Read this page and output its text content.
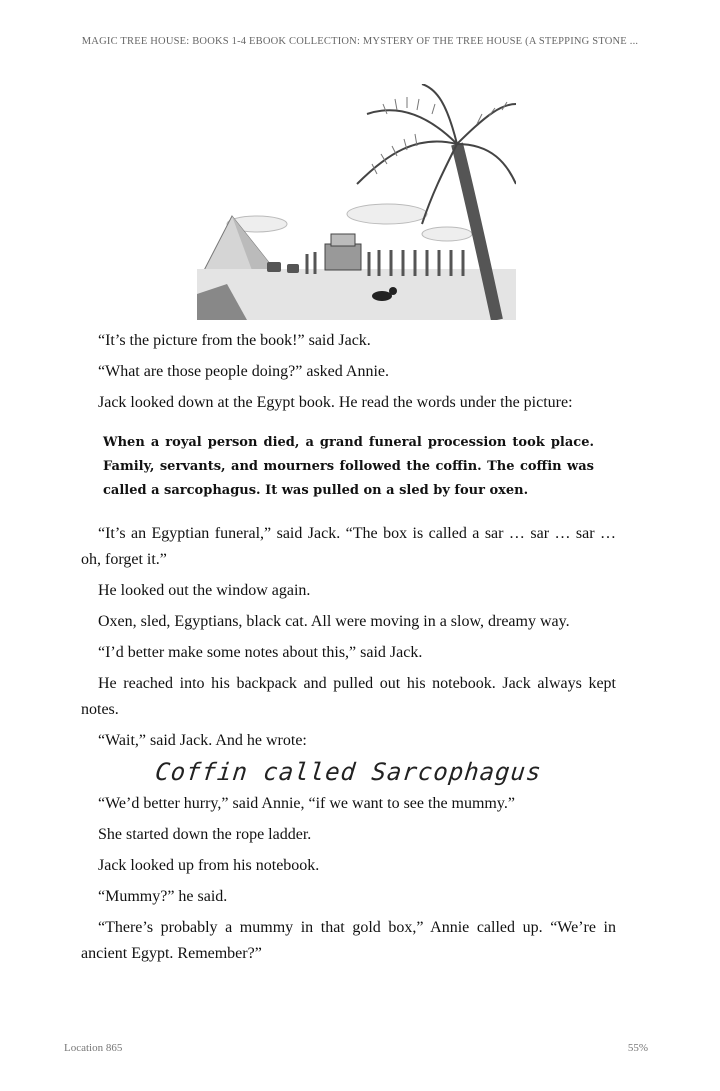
MAGIC TREE HOUSE: BOOKS 1-4 EBOOK COLLECTION: MYSTERY OF THE TREE HOUSE (A STEPPING STONE ...

“It’s the picture from the book!” said Jack.

“What are those people doing?” asked Annie.

Jack looked down at the Egypt book. He read the words under the picture:

When a royal person died, a grand funeral procession took place. Family, servants, and mourners followed the coffin. The coffin was called a sarcophagus. It was pulled on a sled by four oxen.

“It’s an Egyptian funeral,” said Jack. “The box is called a sar … sar … sar … oh, forget it.”

He looked out the window again.

Oxen, sled, Egyptians, black cat. All were moving in a slow, dreamy way.

“I’d better make some notes about this,” said Jack.

He reached into his backpack and pulled out his notebook. Jack always kept notes.

“Wait,” said Jack. And he wrote:

Coffin called Sarcophagus

“We’d better hurry,” said Annie, “if we want to see the mummy.”

She started down the rope ladder.

Jack looked up from his notebook.

“Mummy?” he said.

“There’s probably a mummy in that gold box,” Annie called up. “We’re in ancient Egypt. Remember?”

Location 865	55%
